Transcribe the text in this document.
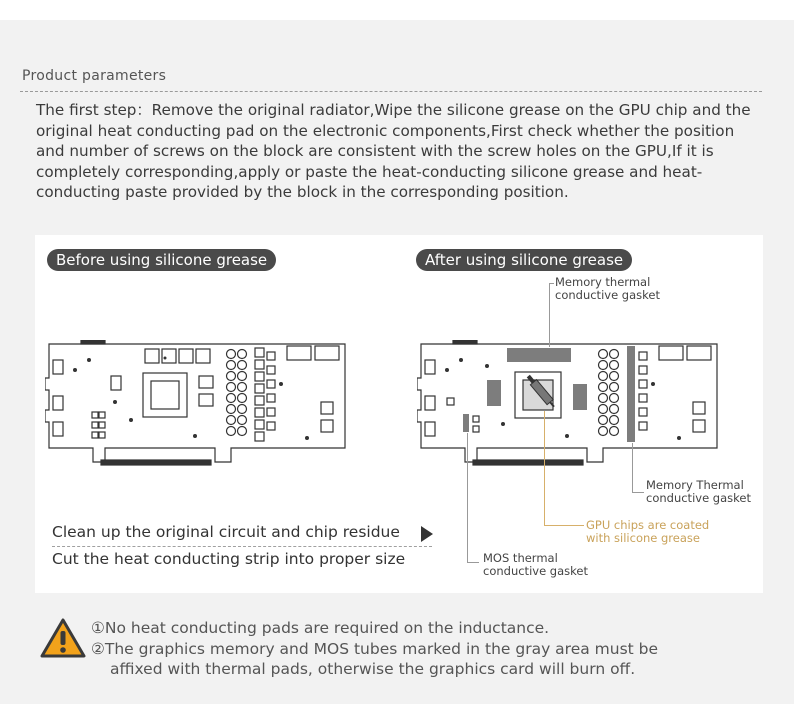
Product parameters
The first step：Remove the original radiator,Wipe the silicone grease on the GPU chip and the original heat conducting pad on the electronic components,First check whether the position and number of screws on the block are consistent with the screw holes on the GPU,If it is completely corresponding,apply or paste the heat-conducting silicone grease and heat-conducting paste provided by the block in the corresponding position.
Before using silicone grease	After using silicone grease
Memory thermal
conductive gasket
Memory Thermal
conductive gasket
GPU chips are coated
with silicone grease
MOS thermal
conductive gasket
Clean up the original circuit and chip residue
Cut the heat conducting strip into proper size
①No heat conducting pads are required on the inductance.
②The graphics memory and MOS tubes marked in the gray area must be
affixed with thermal pads, otherwise the graphics card will burn off.
